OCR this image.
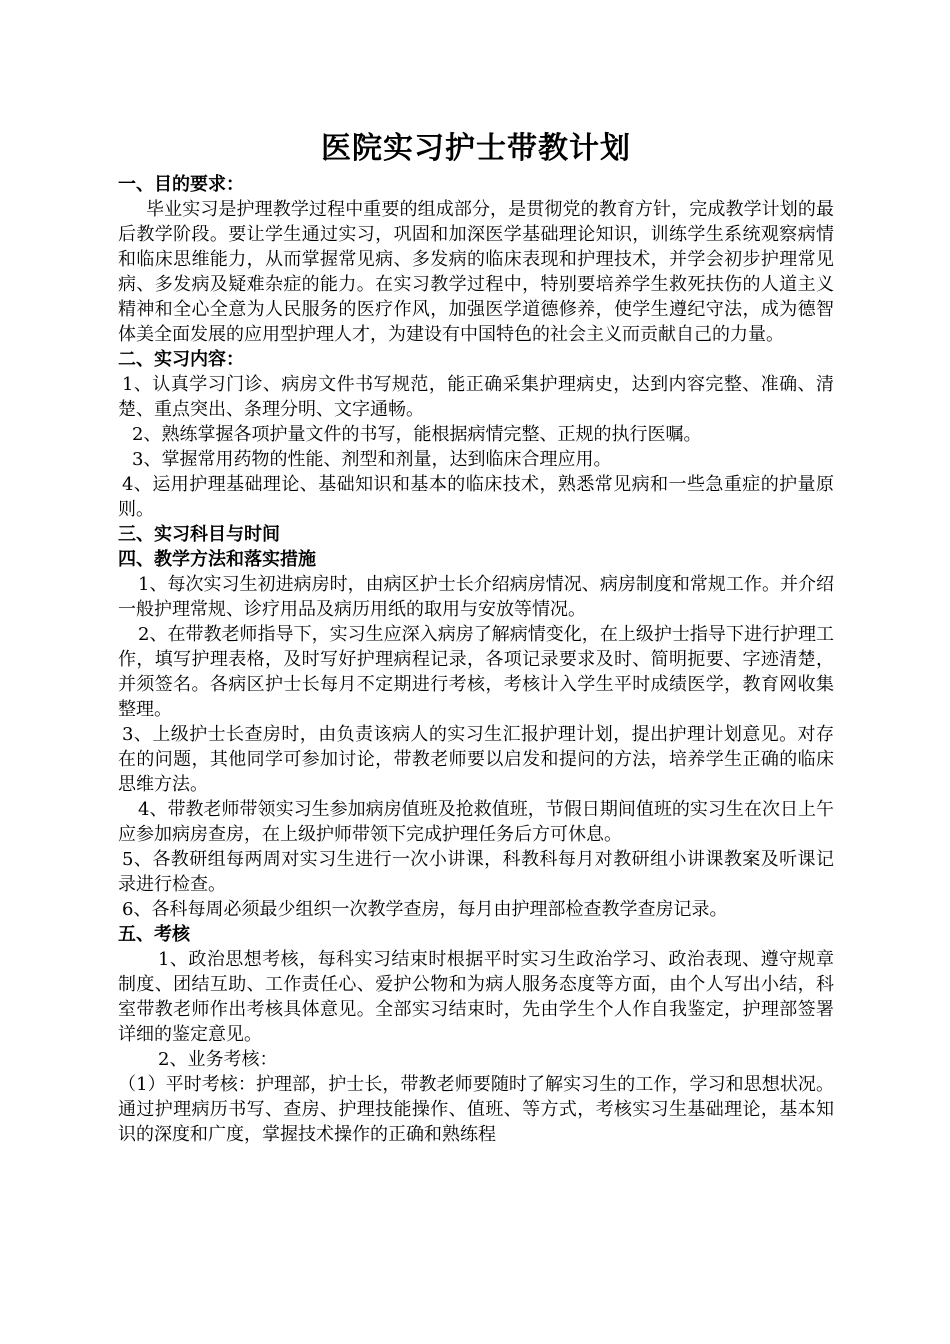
医院实习护士带教计划

一、目的要求：

毕业实习是护理教学过程中重要的组成部分，是贯彻党的教育方针，完成教学计划的最后教学阶段。要让学生通过实习，巩固和加深医学基础理论知识，训练学生系统观察病情和临床思维能力，从而掌握常见病、多发病的临床表现和护理技术，并学会初步护理常见病、多发病及疑难杂症的能力。在实习教学过程中，特别要培养学生救死扶伤的人道主义精神和全心全意为人民服务的医疗作风，加强医学道德修养，使学生遵纪守法，成为德智体美全面发展的应用型护理人才，为建设有中国特色的社会主义而贡献自己的力量。

二、实习内容：

1、认真学习门诊、病房文件书写规范，能正确采集护理病史，达到内容完整、准确、清楚、重点突出、条理分明、文字通畅。

2、熟练掌握各项护量文件的书写，能根据病情完整、正规的执行医嘱。

3、掌握常用药物的性能、剂型和剂量，达到临床合理应用。

4、运用护理基础理论、基础知识和基本的临床技术，熟悉常见病和一些急重症的护量原则。

三、实习科目与时间

四、教学方法和落实措施

1、每次实习生初进病房时，由病区护士长介绍病房情况、病房制度和常规工作。并介绍一般护理常规、诊疗用品及病历用纸的取用与安放等情况。

2、在带教老师指导下，实习生应深入病房了解病情变化，在上级护士指导下进行护理工作，填写护理表格，及时写好护理病程记录，各项记录要求及时、简明扼要、字迹清楚，并须签名。各病区护士长每月不定期进行考核，考核计入学生平时成绩医学，教育网收集整理。

3、上级护士长查房时，由负责该病人的实习生汇报护理计划，提出护理计划意见。对存在的问题，其他同学可参加讨论，带教老师要以启发和提问的方法，培养学生正确的临床思维方法。

4、带教老师带领实习生参加病房值班及抢救值班，节假日期间值班的实习生在次日上午应参加病房查房，在上级护师带领下完成护理任务后方可休息。

5、各教研组每两周对实习生进行一次小讲课，科教科每月对教研组小讲课教案及听课记录进行检查。

6、各科每周必须最少组织一次教学查房，每月由护理部检查教学查房记录。

五、考核

1、政治思想考核，每科实习结束时根据平时实习生政治学习、政治表现、遵守规章制度、团结互助、工作责任心、爱护公物和为病人服务态度等方面，由个人写出小结，科室带教老师作出考核具体意见。全部实习结束时，先由学生个人作自我鉴定，护理部签署详细的鉴定意见。

2、业务考核：

（1）平时考核：护理部，护士长，带教老师要随时了解实习生的工作，学习和思想状况。通过护理病历书写、查房、护理技能操作、值班、等方式，考核实习生基础理论，基本知识的深度和广度，掌握技术操作的正确和熟练程
